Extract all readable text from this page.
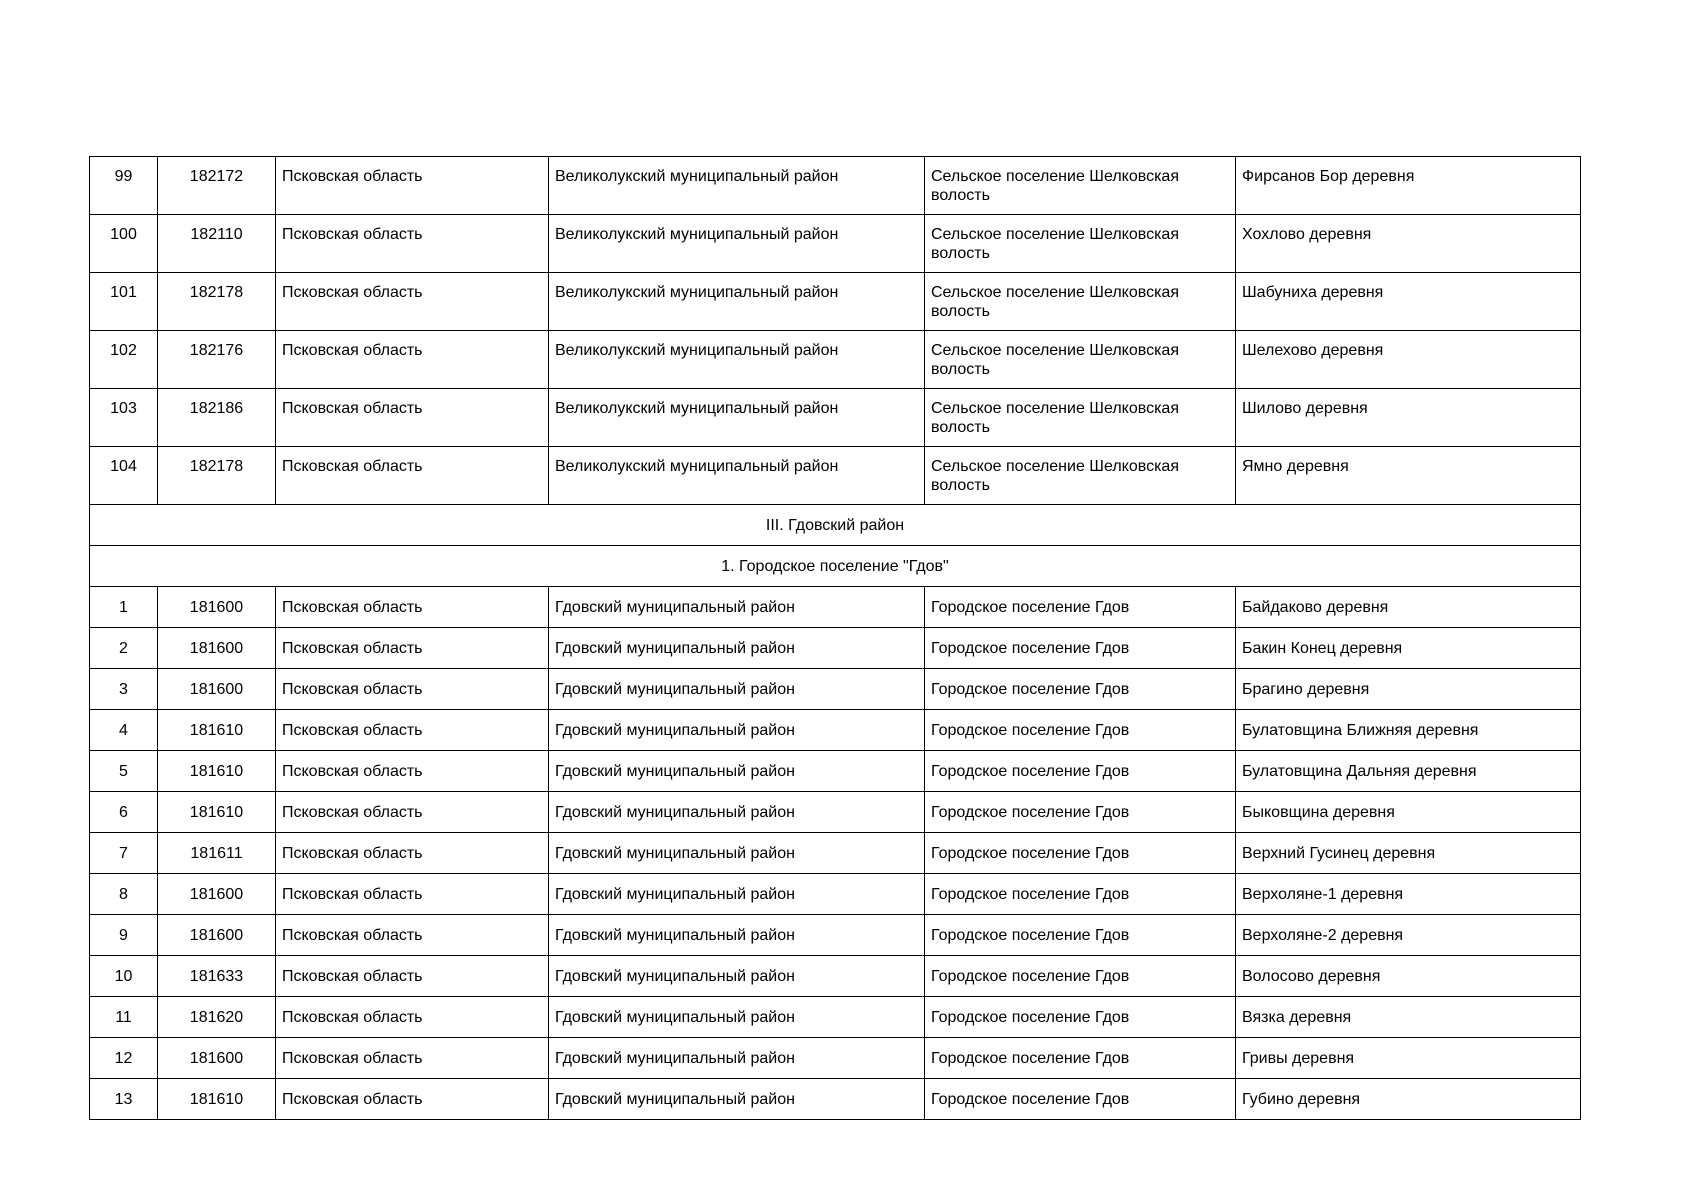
99	182172	Псковская область	Великолукский муниципальный район	Сельское поселение Шелковская волость	Фирсанов Бор деревня
100	182110	Псковская область	Великолукский муниципальный район	Сельское поселение Шелковская волость	Хохлово деревня
101	182178	Псковская область	Великолукский муниципальный район	Сельское поселение Шелковская волость	Шабуниха деревня
102	182176	Псковская область	Великолукский муниципальный район	Сельское поселение Шелковская волость	Шелехово деревня
103	182186	Псковская область	Великолукский муниципальный район	Сельское поселение Шелковская волость	Шилово деревня
104	182178	Псковская область	Великолукский муниципальный район	Сельское поселение Шелковская волость	Ямно деревня
III. Гдовский район					
1. Городское поселение "Гдов"					
1	181600	Псковская область	Гдовский муниципальный район	Городское поселение Гдов	Байдаково деревня
2	181600	Псковская область	Гдовский муниципальный район	Городское поселение Гдов	Бакин Конец деревня
3	181600	Псковская область	Гдовский муниципальный район	Городское поселение Гдов	Брагино деревня
4	181610	Псковская область	Гдовский муниципальный район	Городское поселение Гдов	Булатовщина Ближняя деревня
5	181610	Псковская область	Гдовский муниципальный район	Городское поселение Гдов	Булатовщина Дальняя деревня
6	181610	Псковская область	Гдовский муниципальный район	Городское поселение Гдов	Быковщина деревня
7	181611	Псковская область	Гдовский муниципальный район	Городское поселение Гдов	Верхний Гусинец деревня
8	181600	Псковская область	Гдовский муниципальный район	Городское поселение Гдов	Верхоляне-1 деревня
9	181600	Псковская область	Гдовский муниципальный район	Городское поселение Гдов	Верхоляне-2 деревня
10	181633	Псковская область	Гдовский муниципальный район	Городское поселение Гдов	Волосово деревня
11	181620	Псковская область	Гдовский муниципальный район	Городское поселение Гдов	Вязка деревня
12	181600	Псковская область	Гдовский муниципальный район	Городское поселение Гдов	Гривы деревня
13	181610	Псковская область	Гдовский муниципальный район	Городское поселение Гдов	Губино деревня
